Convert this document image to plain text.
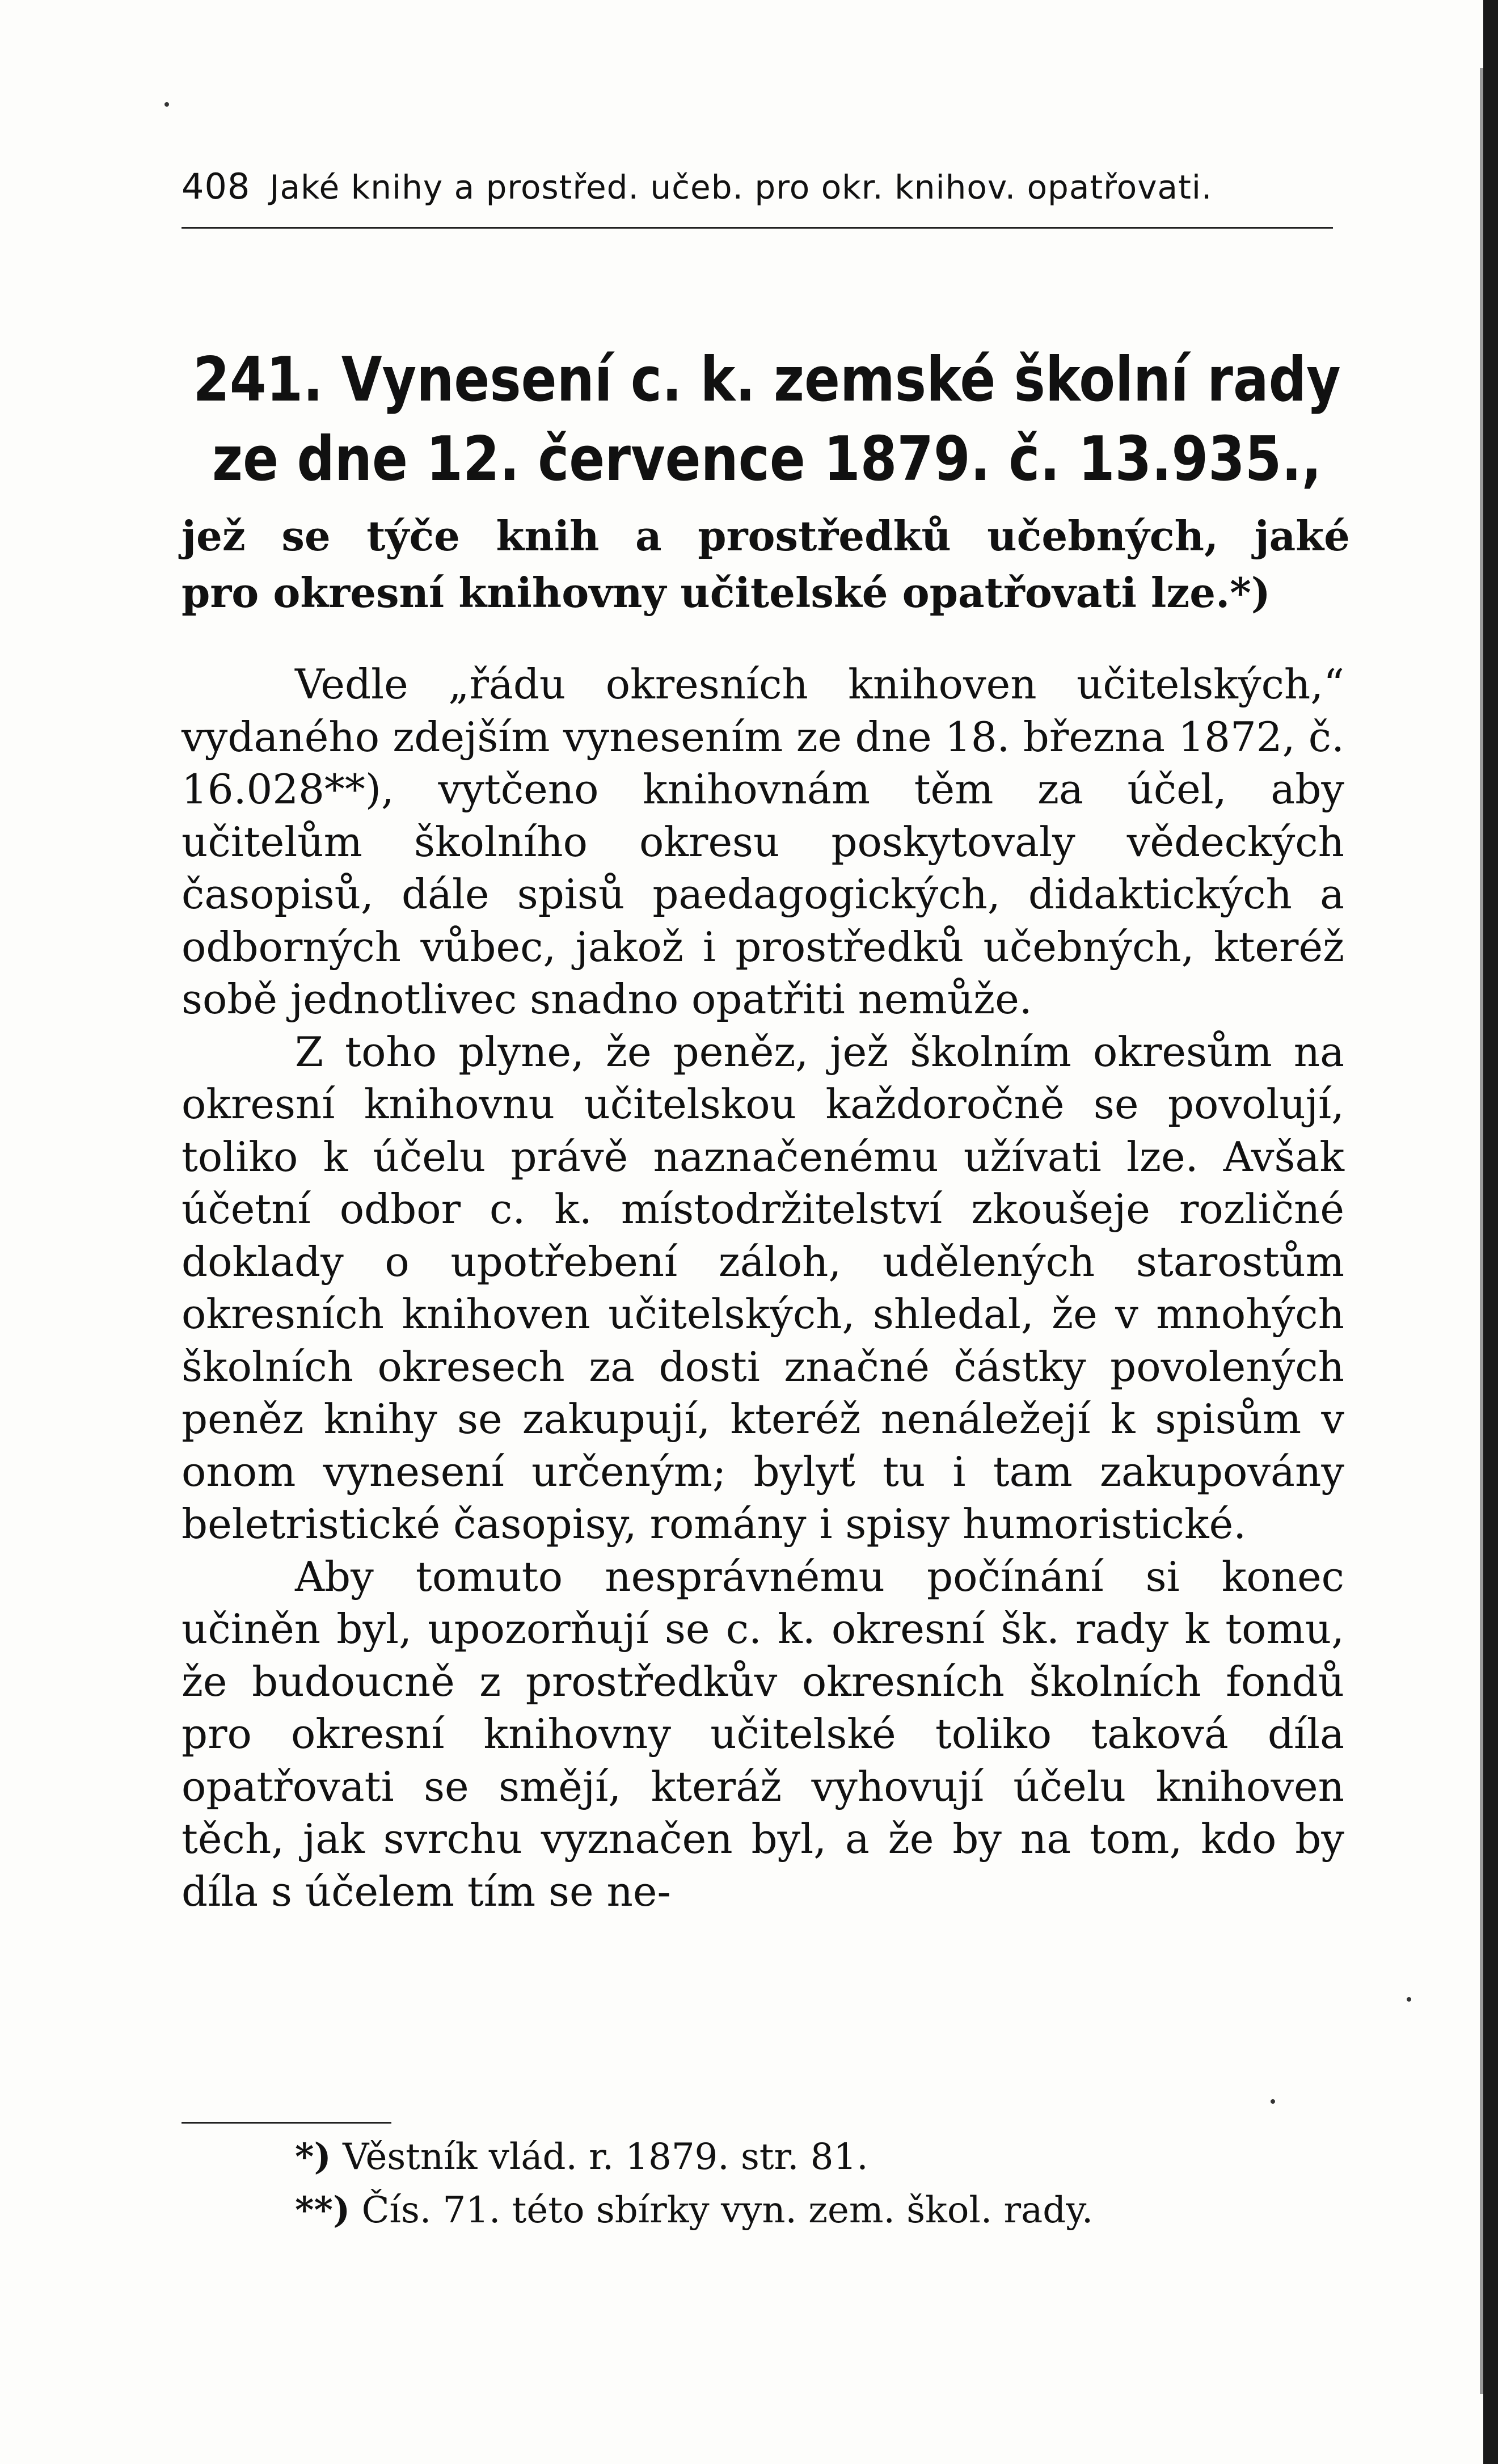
408 Jaké knihy a prostřed. učeb. pro okr. knihov. opatřovati.
241. Vynesení c. k. zemské školní rady
ze dne 12. července 1879. č. 13.935.,
jež se týče knih a prostředků učebných, jaké

pro okresní knihovny učitelské opatřovati lze.*)

Vedle „řádu okresních knihoven učitelských,“ vydaného zdejším vynesením ze dne 18. března 1872, č. 16.028**), vytčeno knihovnám těm za účel, aby učitelům školního okresu poskytovaly vědeckých časopisů, dále spisů paedagogických, didaktických a odborných vůbec, jakož i prostředků učebných, kteréž sobě jednotlivec snadno opatřiti nemůže.

Z toho plyne, že peněz, jež školním okresům na okresní knihovnu učitelskou každoročně se povolují, toliko k účelu právě naznačenému užívati lze. Avšak účetní odbor c. k. místodržitelství zkoušeje rozličné doklady o upotřebení záloh, udělených starostům okresních knihoven učitelských, shledal, že v mnohých školních okresech za dosti značné částky povolených peněz knihy se zakupují, kteréž nenáležejí k spisům v onom vynesení určeným; bylyť tu i tam zakupovány beletristické časopisy, romány i spisy humoristické.

Aby tomuto nesprávnému počínání si konec učiněn byl, upozorňují se c. k. okresní šk. rady k tomu, že budoucně z prostředkův okresních školních fondů pro okresní knihovny učitelské toliko taková díla opatřovati se smějí, kteráž vyhovují účelu knihoven těch, jak svrchu vyznačen byl, a že by na tom, kdo by díla s účelem tím se ne-

*) Věstník vlád. r. 1879. str. 81.
**) Čís. 71. této sbírky vyn. zem. škol. rady.
